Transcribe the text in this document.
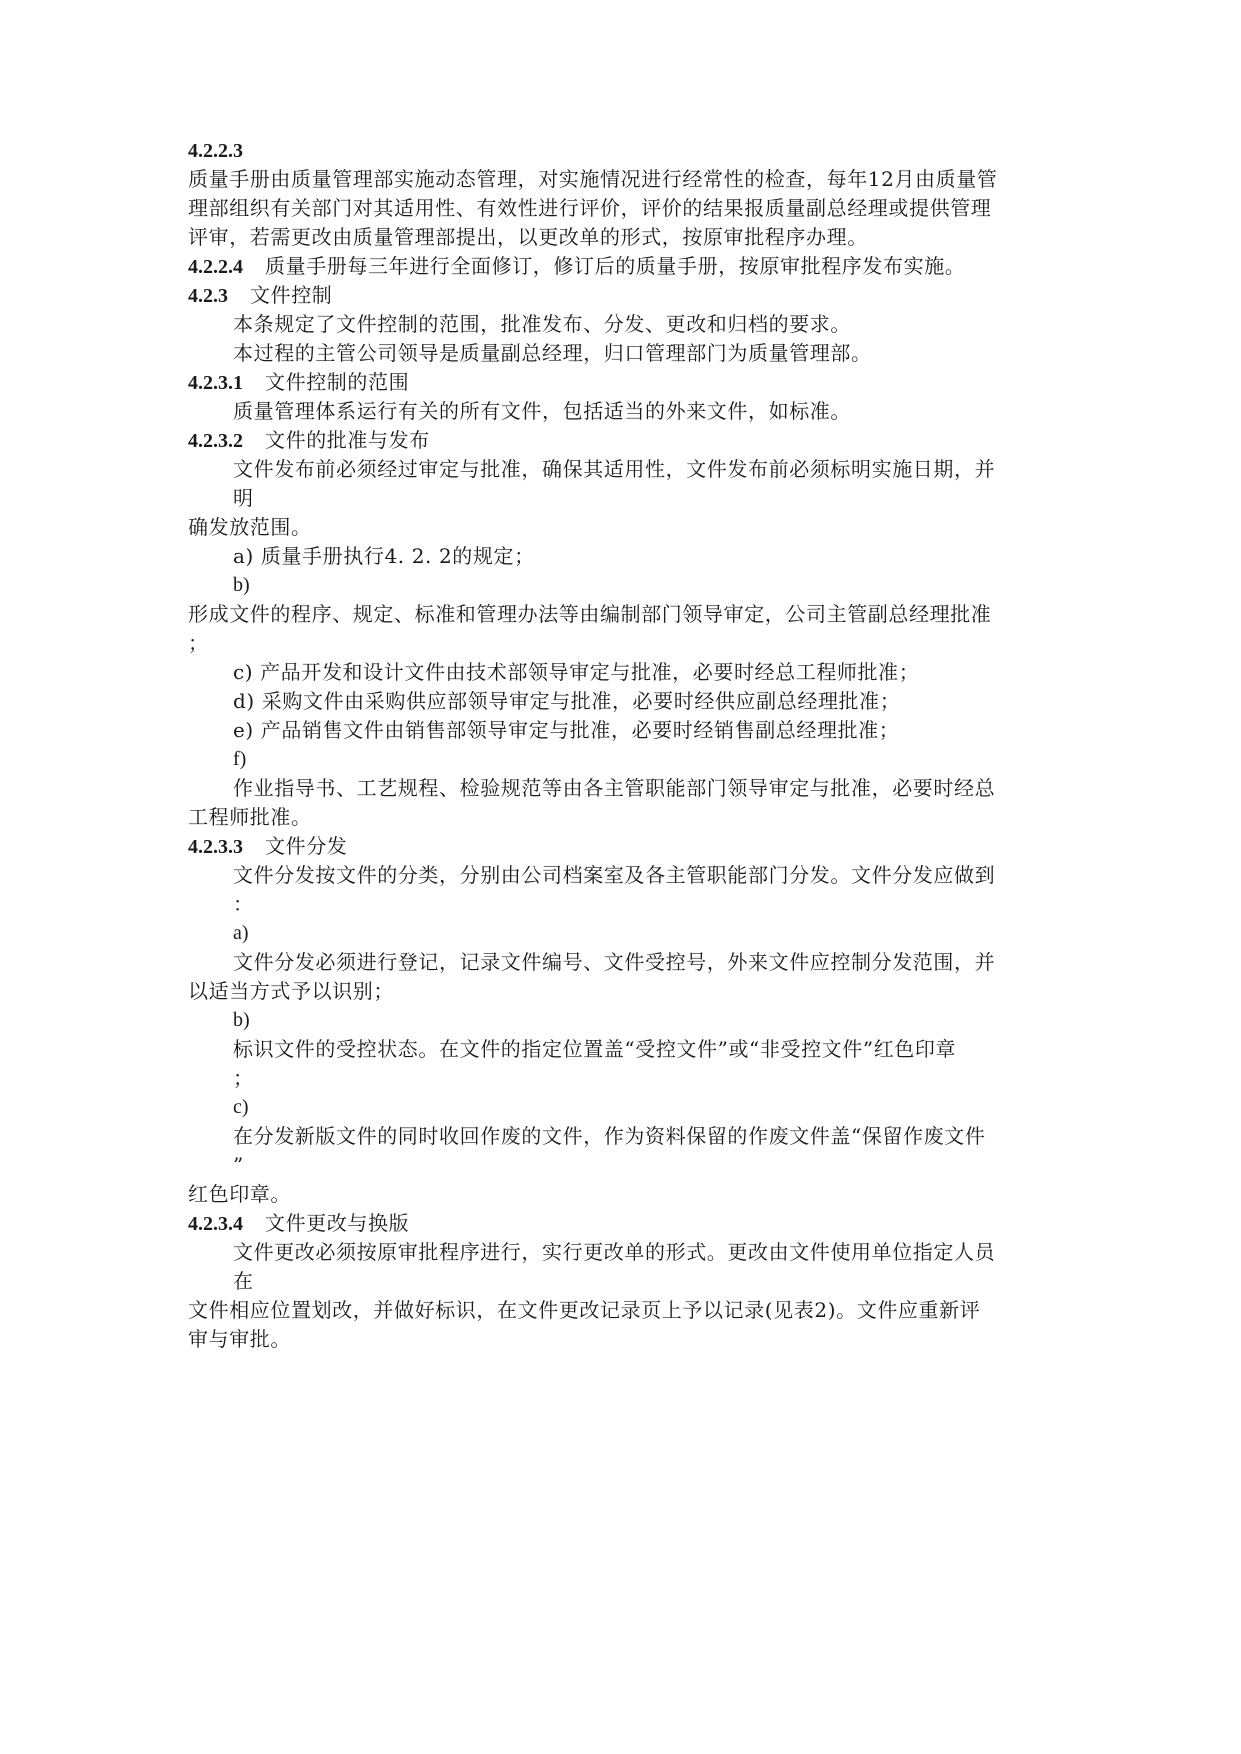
4.2.2.3
质量手册由质量管理部实施动态管理，对实施情况进行经常性的检查，每年12月由质量管
理部组织有关部门对其适用性、有效性进行评价，评价的结果报质量副总经理或提供管理
评审，若需更改由质量管理部提出，以更改单的形式，按原审批程序办理。
4.2.2.4 质量手册每三年进行全面修订，修订后的质量手册，按原审批程序发布实施。
4.2.3 文件控制
本条规定了文件控制的范围，批准发布、分发、更改和归档的要求。
本过程的主管公司领导是质量副总经理，归口管理部门为质量管理部。
4.2.3.1 文件控制的范围
质量管理体系运行有关的所有文件，包括适当的外来文件，如标准。
4.2.3.2 文件的批准与发布
文件发布前必须经过审定与批准，确保其适用性，文件发布前必须标明实施日期，并
明
确发放范围。
a) 质量手册执行4. 2. 2的规定；
b)
形成文件的程序、规定、标准和管理办法等由编制部门领导审定，公司主管副总经理批准
；
c) 产品开发和设计文件由技术部领导审定与批准，必要时经总工程师批准；
d) 采购文件由采购供应部领导审定与批准，必要时经供应副总经理批准；
e) 产品销售文件由销售部领导审定与批准，必要时经销售副总经理批准；
f)
作业指导书、工艺规程、检验规范等由各主管职能部门领导审定与批准，必要时经总
工程师批准。
4.2.3.3 文件分发
文件分发按文件的分类，分别由公司档案室及各主管职能部门分发。文件分发应做到
：
a)
文件分发必须进行登记，记录文件编号、文件受控号，外来文件应控制分发范围，并
以适当方式予以识别；
b)
标识文件的受控状态。在文件的指定位置盖“受控文件”或“非受控文件”红色印章
；
c)
在分发新版文件的同时收回作废的文件，作为资料保留的作废文件盖“保留作废文件
”
红色印章。
4.2.3.4 文件更改与换版
文件更改必须按原审批程序进行，实行更改单的形式。更改由文件使用单位指定人员
在
文件相应位置划改，并做好标识，在文件更改记录页上予以记录(见表2)。文件应重新评
审与审批。
